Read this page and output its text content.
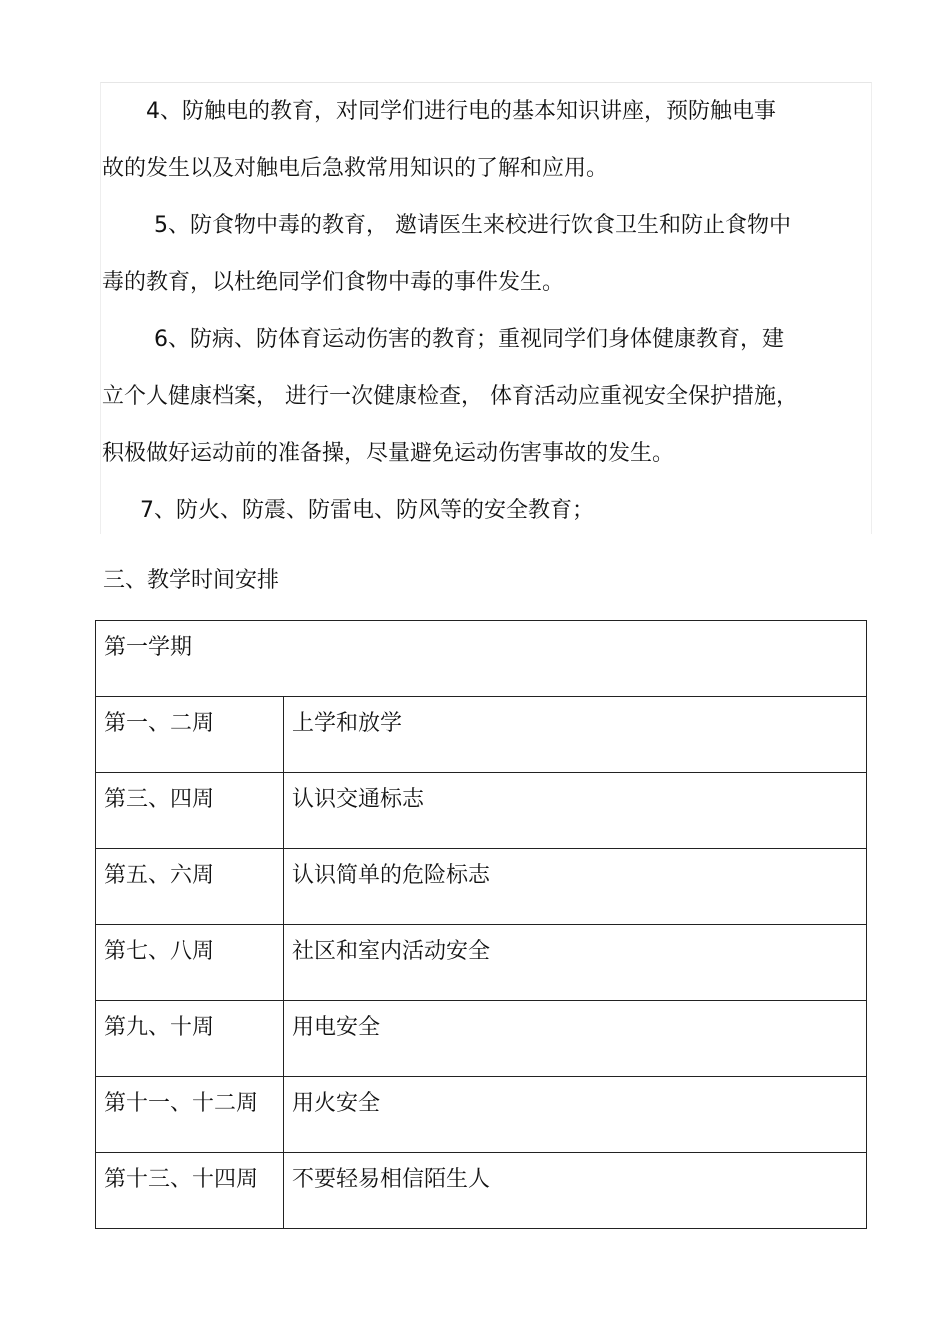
4、防触电的教育，对同学们进行电的基本知识讲座，预防触电事
故的发生以及对触电后急救常用知识的了解和应用。

5、防食物中毒的教育， 邀请医生来校进行饮食卫生和防止食物中
毒的教育，以杜绝同学们食物中毒的事件发生。

6、防病、防体育运动伤害的教育；重视同学们身体健康教育，建
立个人健康档案， 进行一次健康检查， 体育活动应重视安全保护措施，
积极做好运动前的准备操，尽量避免运动伤害事故的发生。

7、防火、防震、防雷电、防风等的安全教育；

三、教学时间安排
第一学期	

第一、二周	上学和放学

第三、四周	认识交通标志

第五、六周	认识简单的危险标志

第七、八周	社区和室内活动安全

第九、十周	用电安全

第十一、十二周	用火安全

第十三、十四周	不要轻易相信陌生人
